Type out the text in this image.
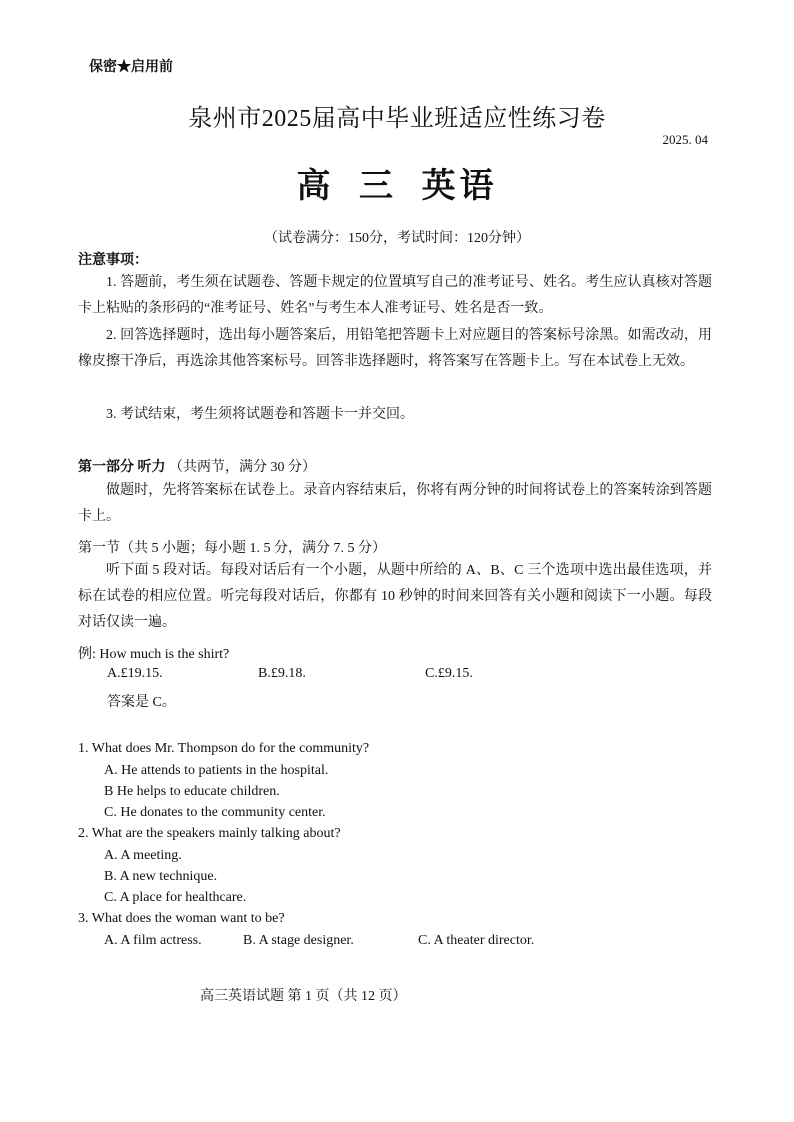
保密★启用前
泉州市2025届高中毕业班适应性练习卷
2025. 04
高 三 英语
（试卷满分：150分，考试时间：120分钟）
注意事项：
1. 答题前，考生须在试题卷、答题卡规定的位置填写自己的准考证号、姓名。考生应认真核对答题卡上粘贴的条形码的“准考证号、姓名”与考生本人准考证号、姓名是否一致。
2. 回答选择题时，选出每小题答案后，用铅笔把答题卡上对应题目的答案标号涂黑。如需改动，用橡皮擦干净后，再选涂其他答案标号。回答非选择题时，将答案写在答题卡上。写在本试卷上无效。
3. 考试结束，考生须将试题卷和答题卡一并交回。
第一部分 听力 （共两节，满分 30 分）
做题时，先将答案标在试卷上。录音内容结束后，你将有两分钟的时间将试卷上的答案转涂到答题卡上。
第一节（共 5 小题；每小题 1. 5 分，满分 7. 5 分）
听下面 5 段对话。每段对话后有一个小题，从题中所给的 A、B、C 三个选项中选出最佳选项，并标在试卷的相应位置。听完每段对话后，你都有 10 秒钟的时间来回答有关小题和阅读下一小题。每段对话仅读一遍。
例: How much is the shirt?
A.£19.15.	B.£9.18.	C.£9.15.
答案是 C。
1. What does Mr. Thompson do for the community?
A. He attends to patients in the hospital.
B He helps to educate children.
C. He donates to the community center.
2. What are the speakers mainly talking about?
A. A meeting.
B. A new technique.
C. A place for healthcare.
3. What does the woman want to be?
A. A film actress.	B. A stage designer.	C. A theater director.
高三英语试题 第 1 页（共 12 页）
